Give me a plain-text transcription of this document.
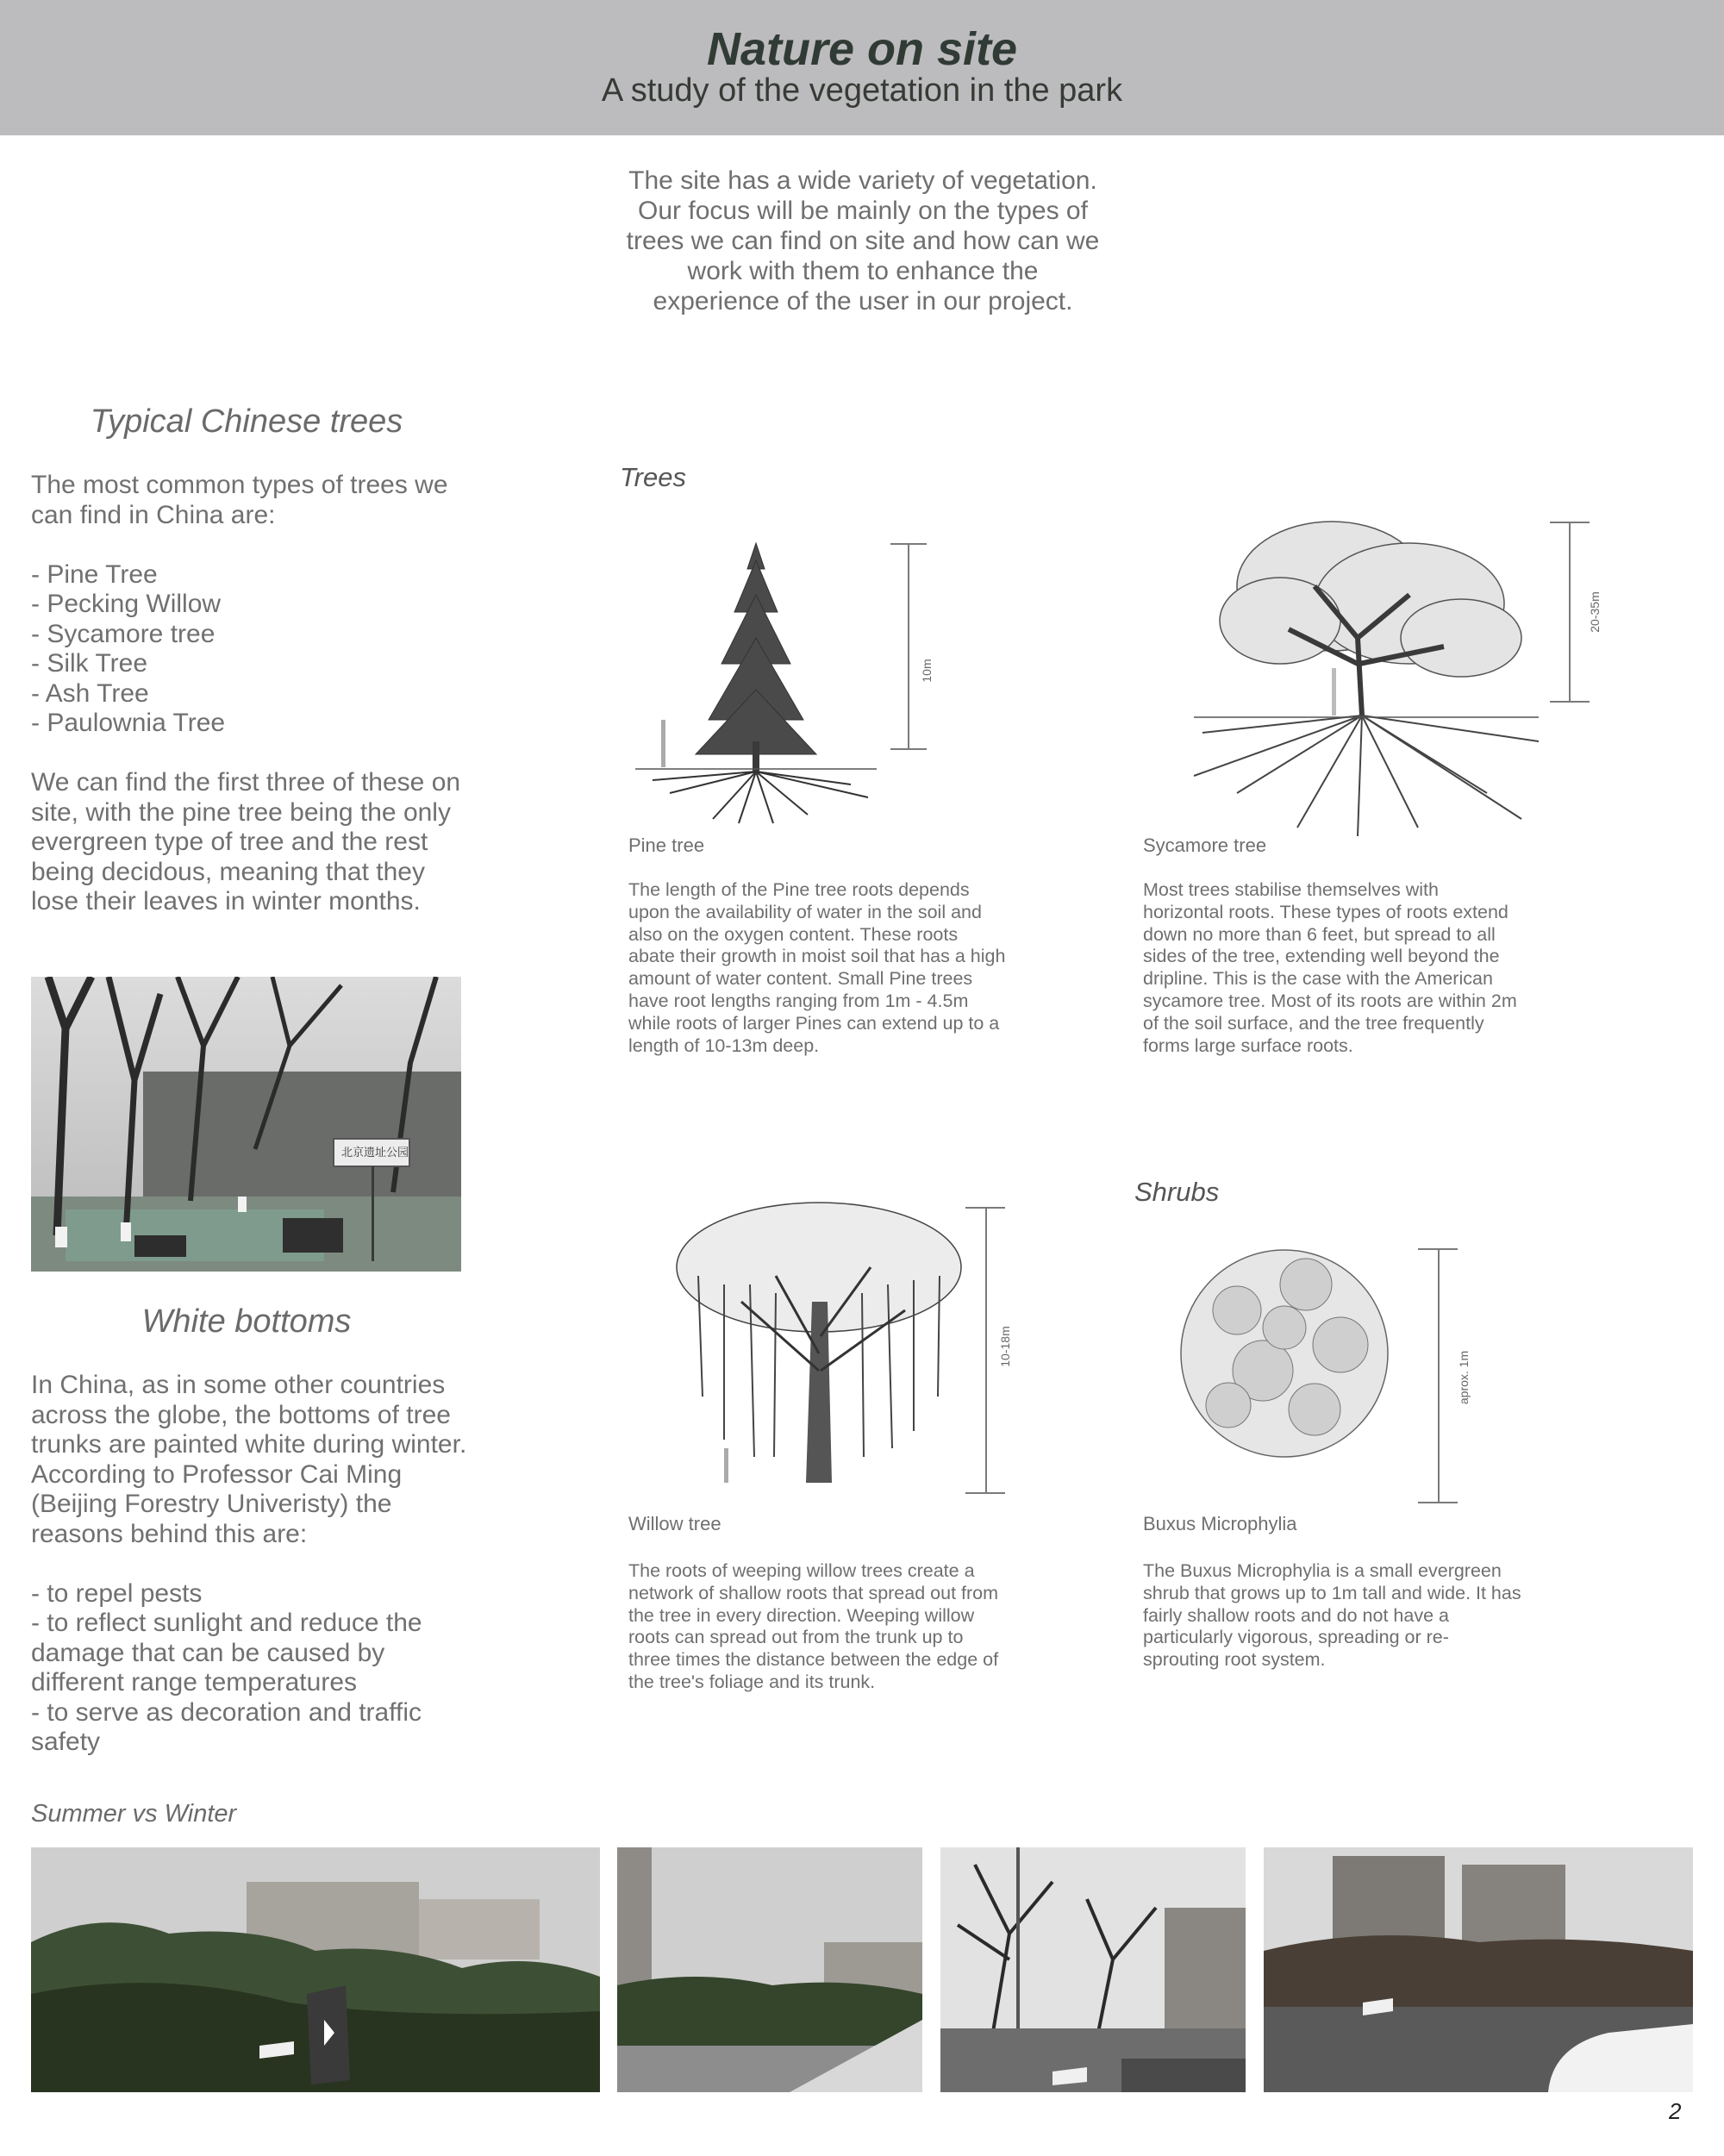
Nature on site
A study of the vegetation in the park
The site has a wide variety of vegetation. Our focus will be mainly on the types of trees we can find on site and how can we work with them to enhance the experience of the user in our project.
Typical Chinese trees
The most common types of trees we can find in China are:

- Pine Tree
- Pecking Willow
- Sycamore tree
- Silk Tree
- Ash Tree
- Paulownia Tree

We can find the first three of these on site, with the pine tree being the only evergreen type of tree and the rest being decidous, meaning that they lose their leaves in winter months.
北京遗址公园
White bottoms
In China, as in some other countries across the globe, the bottoms of tree trunks are painted white during winter. According to Professor Cai Ming (Beijing Forestry Univeristy) the reasons behind this are:

- to repel pests
- to reflect sunlight and reduce the damage that can be caused by different range temperatures
- to serve as decoration and traffic safety
Trees
Shrubs
10m
Pine tree
The length of the Pine tree roots depends upon the availability of water in the soil and also on the oxygen content. These roots abate their growth in moist soil that has a high amount of water content. Small Pine trees have root lengths ranging from 1m - 4.5m while roots of larger Pines can extend up to a length of 10-13m deep.
20-35m
Sycamore tree
Most trees stabilise themselves with horizontal roots. These types of roots extend down no more than 6 feet, but spread to all sides of the tree, extending well beyond the dripline. This is the case with the American sycamore tree. Most of its roots are within 2m of the soil surface, and the tree frequently forms large surface roots.
10-18m
Willow tree
The roots of weeping willow trees create a network of shallow roots that spread out from the tree in every direction. Weeping willow roots can spread out from the trunk up to three times the distance between the edge of the tree's foliage and its trunk.
aprox. 1m
Buxus Microphylia
The Buxus Microphylia is a small evergreen shrub that grows up to 1m tall and wide. It has fairly shallow roots and do not have a particularly vigorous, spreading or re-sprouting root system.
Summer vs Winter
2
